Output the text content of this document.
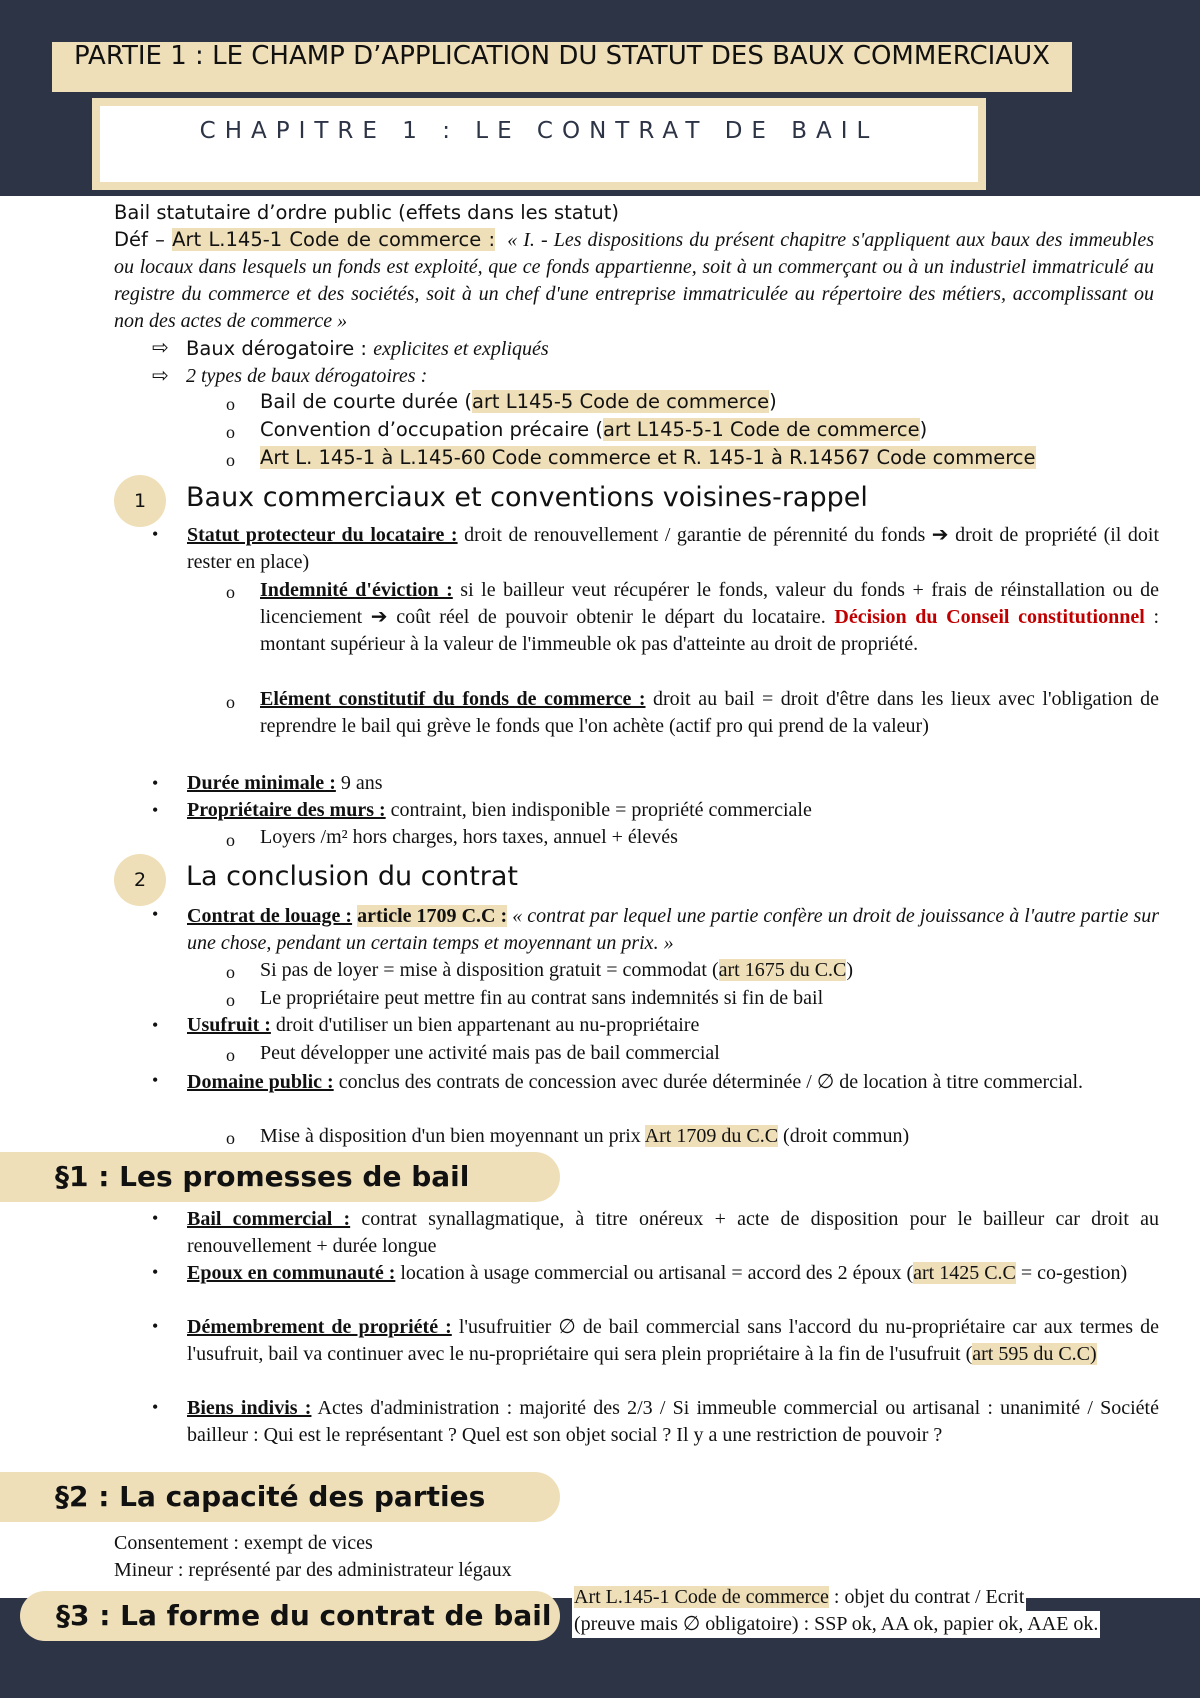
PARTIE 1 : LE CHAMP D’APPLICATION DU STATUT DES BAUX COMMERCIAUX
CHAPITRE 1 : LE CONTRAT DE BAIL
Bail statutaire d’ordre public (effets dans les statut)
Déf – Art L.145-1 Code de commerce : « I. - Les dispositions du présent chapitre s'appliquent aux baux des immeubles ou locaux dans lesquels un fonds est exploité, que ce fonds appartienne, soit à un commerçant ou à un industriel immatriculé au registre du commerce et des sociétés, soit à un chef d'une entreprise immatriculée au répertoire des métiers, accomplissant ou non des actes de commerce »
⇨ Baux dérogatoire : explicites et expliqués
⇨ 2 types de baux dérogatoires :
o Bail de courte durée (art L145-5 Code de commerce)
o Convention d’occupation précaire (art L145-5-1 Code de commerce)
o Art L. 145-1 à L.145-60 Code commerce et R. 145-1 à R.14567 Code commerce
1	Baux commerciaux et conventions voisines-rappel
• Statut protecteur du locataire : droit de renouvellement / garantie de pérennité du fonds ➔ droit de propriété (il doit rester en place)
o Indemnité d'éviction : si le bailleur veut récupérer le fonds, valeur du fonds + frais de réinstallation ou de licenciement ➔ coût réel de pouvoir obtenir le départ du locataire. Décision du Conseil constitutionnel : montant supérieur à la valeur de l'immeuble ok pas d'atteinte au droit de propriété.
o Elément constitutif du fonds de commerce : droit au bail = droit d'être dans les lieux avec l'obligation de reprendre le bail qui grève le fonds que l'on achète (actif pro qui prend de la valeur)
• Durée minimale : 9 ans
• Propriétaire des murs : contraint, bien indisponible = propriété commerciale
o Loyers /m² hors charges, hors taxes, annuel + élevés
2	La conclusion du contrat
• Contrat de louage : article 1709 C.C : « contrat par lequel une partie confère un droit de jouissance à l'autre partie sur une chose, pendant un certain temps et moyennant un prix. »
o Si pas de loyer = mise à disposition gratuit = commodat (art 1675 du C.C)
o Le propriétaire peut mettre fin au contrat sans indemnités si fin de bail
• Usufruit : droit d'utiliser un bien appartenant au nu-propriétaire
o Peut développer une activité mais pas de bail commercial
• Domaine public : conclus des contrats de concession avec durée déterminée / ∅ de location à titre commercial.
o Mise à disposition d'un bien moyennant un prix Art 1709 du C.C (droit commun)
§1 : Les promesses de bail
• Bail commercial : contrat synallagmatique, à titre onéreux + acte de disposition pour le bailleur car droit au renouvellement + durée longue
• Epoux en communauté : location à usage commercial ou artisanal = accord des 2 époux (art 1425 C.C = co-gestion)
• Démembrement de propriété : l'usufruitier ∅ de bail commercial sans l'accord du nu-propriétaire car aux termes de l'usufruit, bail va continuer avec le nu-propriétaire qui sera plein propriétaire à la fin de l'usufruit (art 595 du C.C)
• Biens indivis : Actes d'administration : majorité des 2/3 / Si immeuble commercial ou artisanal : unanimité / Société bailleur : Qui est le représentant ? Quel est son objet social ? Il y a une restriction de pouvoir ?
§2 : La capacité des parties
Consentement : exempt de vices
Mineur : représenté par des administrateur légaux
§3 : La forme du contrat de bail
Art L.145-1 Code de commerce : objet du contrat / Ecrit
(preuve mais ∅ obligatoire) : SSP ok, AA ok, papier ok, AAE ok.
